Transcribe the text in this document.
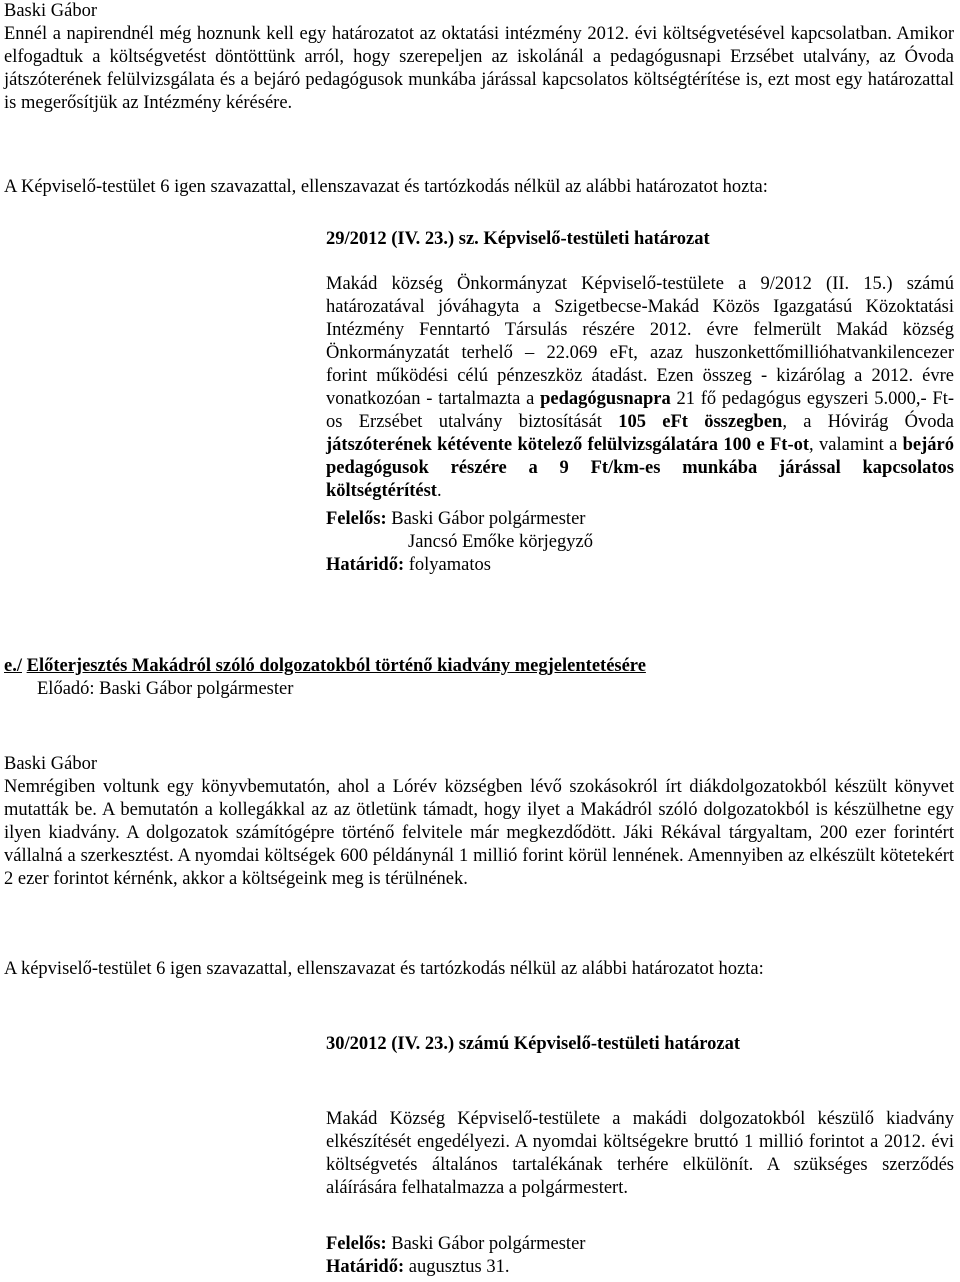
Baski Gábor

Ennél a napirendnél még hoznunk kell egy határozatot az oktatási intézmény 2012. évi költségvetésével kapcsolatban. Amikor elfogadtuk a költségvetést döntöttünk arról, hogy szerepeljen az iskolánál a pedagógusnapi Erzsébet utalvány, az Óvoda játszóterének felülvizsgálata és a bejáró pedagógusok munkába járással kapcsolatos költségtérítése is, ezt most egy határozattal is megerősítjük az Intézmény kérésére.

A Képviselő-testület 6 igen szavazattal, ellenszavazat és tartózkodás nélkül az alábbi határozatot hozta:
29/2012 (IV. 23.) sz. Képviselő-testületi határozat

Makád község Önkormányzat Képviselő-testülete a 9/2012 (II. 15.) számú határozatával jóváhagyta a Szigetbecse-Makád Közös Igazgatású Közoktatási Intézmény Fenntartó Társulás részére 2012. évre felmerült Makád község Önkormányzatát terhelő – 22.069 eFt, azaz huszonkettőmillióhatvankilencezer forint működési célú pénzeszköz átadást. Ezen összeg - kizárólag a 2012. évre vonatkozóan - tartalmazta a pedagógusnapra 21 fő pedagógus egyszeri 5.000,- Ft-os Erzsébet utalvány biztosítását 105 eFt összegben, a Hóvirág Óvoda játszóterének kétévente kötelező felülvizsgálatára 100 e Ft-ot, valamint a bejáró pedagógusok részére a 9 Ft/km-es munkába járással kapcsolatos költségtérítést.

Felelős: Baski Gábor polgármester
Jancsó Emőke körjegyző
Határidő: folyamatos
e./ Előterjesztés Makádról szóló dolgozatokból történő kiadvány megjelentetésére
Előadó: Baski Gábor polgármester
Baski Gábor

Nemrégiben voltunk egy könyvbemutatón, ahol a Lórév községben lévő szokásokról írt diákdolgozatokból készült könyvet mutatták be. A bemutatón a kollegákkal az az ötletünk támadt, hogy ilyet a Makádról szóló dolgozatokból is készülhetne egy ilyen kiadvány. A dolgozatok számítógépre történő felvitele már megkezdődött. Jáki Rékával tárgyaltam, 200 ezer forintért vállalná a szerkesztést. A nyomdai költségek 600 példánynál 1 millió forint körül lennének. Amennyiben az elkészült kötetekért 2 ezer forintot kérnénk, akkor a költségeink meg is térülnének.

A képviselő-testület 6 igen szavazattal, ellenszavazat és tartózkodás nélkül az alábbi határozatot hozta:
30/2012 (IV. 23.) számú Képviselő-testületi határozat

Makád Község Képviselő-testülete a makádi dolgozatokból készülő kiadvány elkészítését engedélyezi. A nyomdai költségekre bruttó 1 millió forintot a 2012. évi költségvetés általános tartalékának terhére elkülönít. A szükséges szerződés aláírására felhatalmazza a polgármestert.

Felelős: Baski Gábor polgármester
Határidő: augusztus 31.
